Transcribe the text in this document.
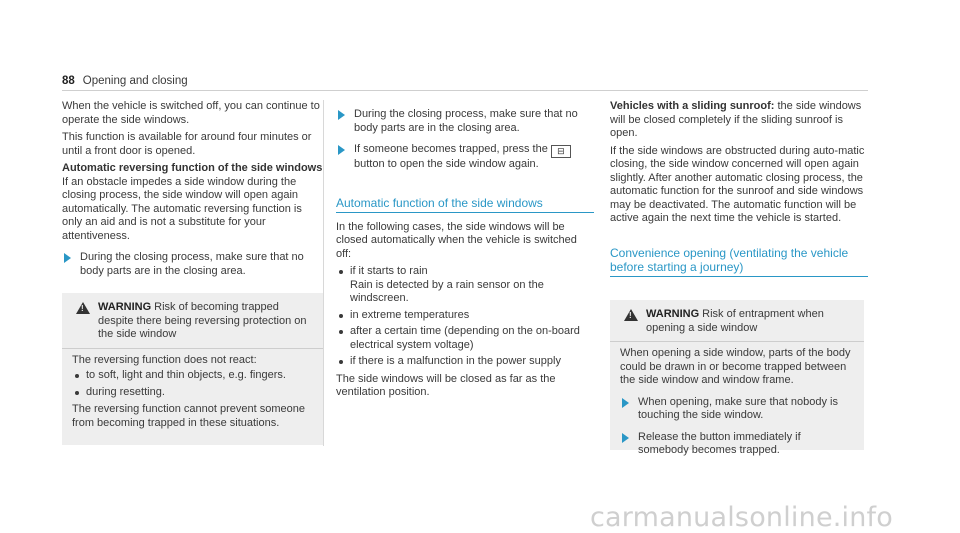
88 Opening and closing

When the vehicle is switched off, you can continue to operate the side windows.

This function is available for around four minutes or until a front door is opened.

Automatic reversing function of the side windows

If an obstacle impedes a side window during the closing process, the side window will open again automatically. The automatic reversing function is only an aid and is not a substitute for your attentiveness.

During the closing process, make sure that no body parts are in the closing area.
!
WARNING Risk of becoming trapped despite there being reversing protection on the side window

The reversing function does not react:

to soft, light and thin objects, e.g. fingers.
during resetting.

The reversing function cannot prevent someone from becoming trapped in these situations.

During the closing process, make sure that no body parts are in the closing area.
If someone becomes trapped, press the ⊟button to open the side window again.
Automatic function of the side windows

In the following cases, the side windows will be closed automatically when the vehicle is switched off:

if it starts to rain
Rain is detected by a rain sensor on the windscreen.
in extreme temperatures
after a certain time (depending on the on-board electrical system voltage)
if there is a malfunction in the power supply

The side windows will be closed as far as the ventilation position.

Vehicles with a sliding sunroof: the side windows will be closed completely if the sliding sunroof is open.

If the side windows are obstructed during auto-matic closing, the side window concerned will open again slightly. After another automatic closing process, the automatic function for the sunroof and side windows may be deactivated. The automatic function will be active again the next time the vehicle is started.

Convenience opening (ventilating the vehicle before starting a journey)
!
WARNING Risk of entrapment when opening a side window

When opening a side window, parts of the body could be drawn in or become trapped between the side window and window frame.

When opening, make sure that nobody is touching the side window.
Release the button immediately if somebody becomes trapped.
carmanualsonline.info
